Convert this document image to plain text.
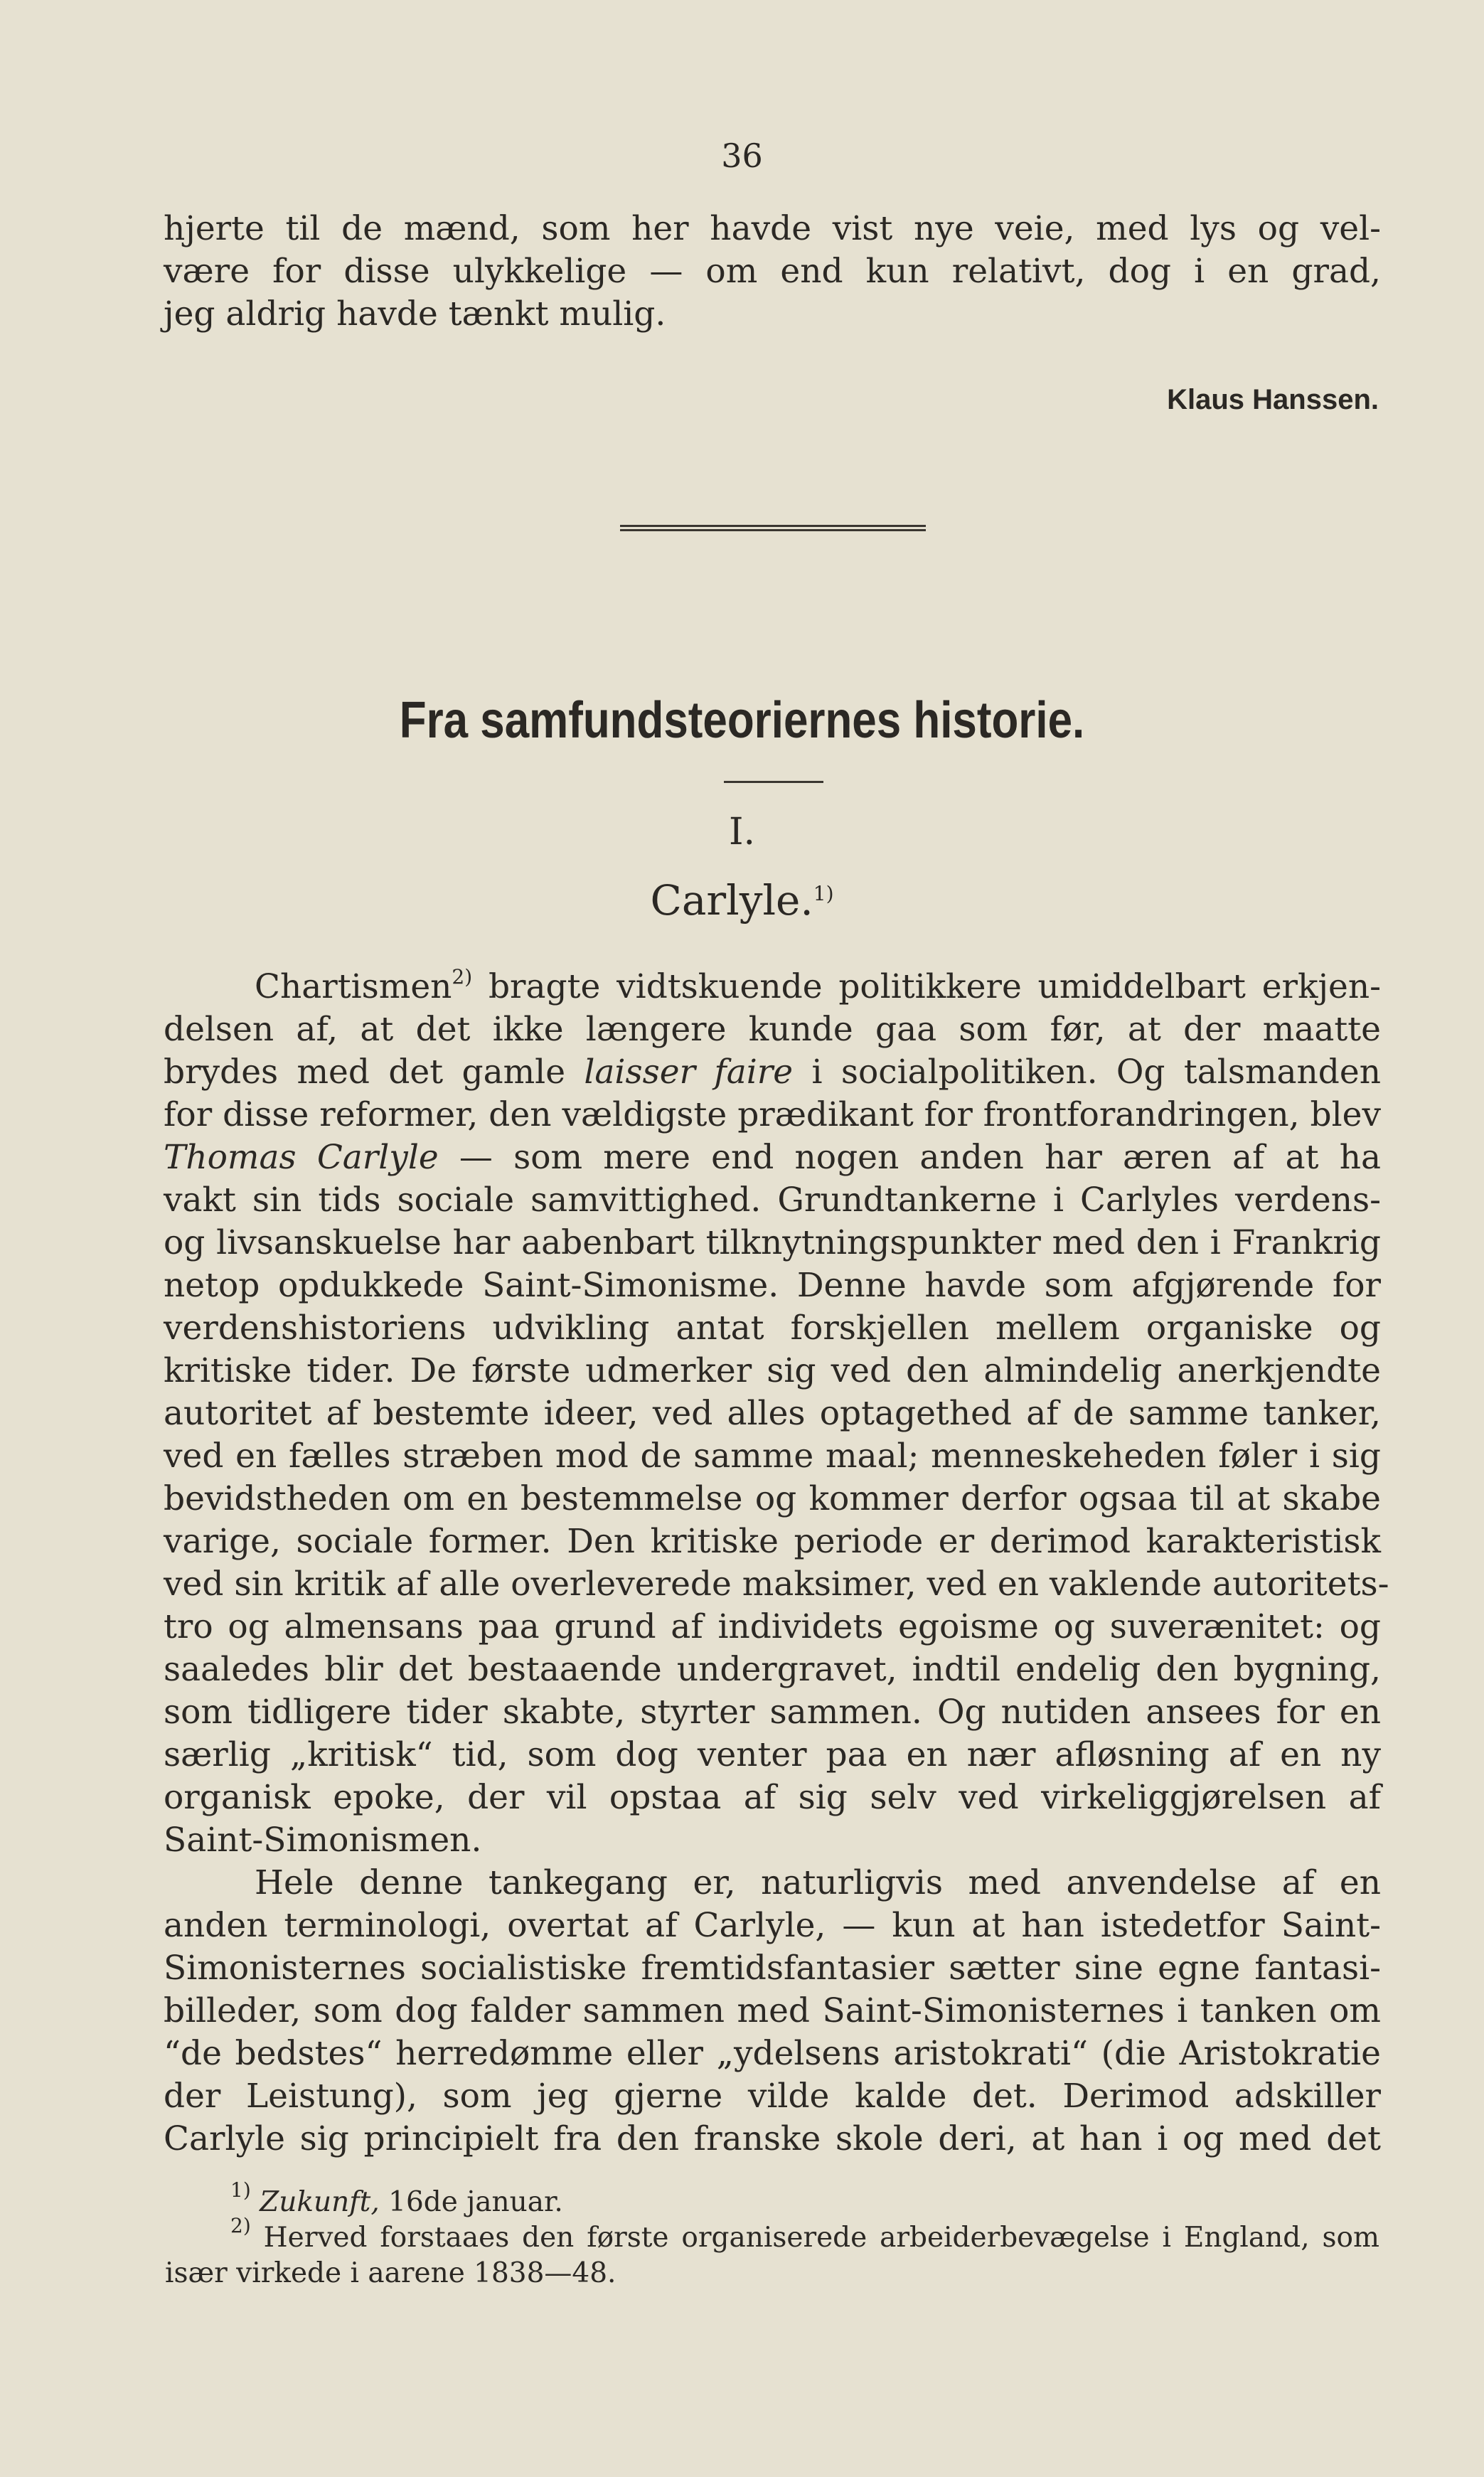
36
hjerte til de mænd, som her havde vist nye veie, med lys og vel-
være for disse ulykkelige — om end kun relativt, dog i en grad,
jeg aldrig havde tænkt mulig.
Klaus Hanssen.
Fra samfundsteoriernes historie.
I.
Carlyle.$^{1)}$
Chartismen$^{2)}$ bragte vidtskuende politikkere umiddelbart erkjen-
delsen af, at det ikke længere kunde gaa som før, at der maatte
brydes med det gamle laisser faire i socialpolitiken. Og talsmanden
for disse reformer, den vældigste prædikant for frontforandringen, blev
Thomas Carlyle — som mere end nogen anden har æren af at ha
vakt sin tids sociale samvittighed. Grundtankerne i Carlyles verdens-
og livsanskuelse har aabenbart tilknytningspunkter med den i Frankrig
netop opdukkede Saint-Simonisme. Denne havde som afgjørende for
verdenshistoriens udvikling antat forskjellen mellem organiske og
kritiske tider. De første udmerker sig ved den almindelig anerkjendte
autoritet af bestemte ideer, ved alles optagethed af de samme tanker,
ved en fælles stræben mod de samme maal; menneskeheden føler i sig
bevidstheden om en bestemmelse og kommer derfor ogsaa til at skabe
varige, sociale former. Den kritiske periode er derimod karakteristisk
ved sin kritik af alle overleverede maksimer, ved en vaklende autoritets-
tro og almensans paa grund af individets egoisme og suverænitet: og
saaledes blir det bestaaende undergravet, indtil endelig den bygning,
som tidligere tider skabte, styrter sammen. Og nutiden ansees for en
særlig „kritisk“ tid, som dog venter paa en nær afløsning af en ny
organisk epoke, der vil opstaa af sig selv ved virkeliggjørelsen af
Saint-Simonismen.
Hele denne tankegang er, naturligvis med anvendelse af en
anden terminologi, overtat af Carlyle, — kun at han istedetfor Saint-
Simonisternes socialistiske fremtidsfantasier sætter sine egne fantasi-
billeder, som dog falder sammen med Saint-Simonisternes i tanken om
“de bedstes“ herredømme eller „ydelsens aristokrati“ (die Aristokratie
der Leistung), som jeg gjerne vilde kalde det. Derimod adskiller
Carlyle sig principielt fra den franske skole deri, at han i og med det
$^{1)}$ Zukunft, 16de januar.
$^{2)}$ Herved forstaaes den første organiserede arbeiderbevægelse i England, som
især virkede i aarene 1838—48.
